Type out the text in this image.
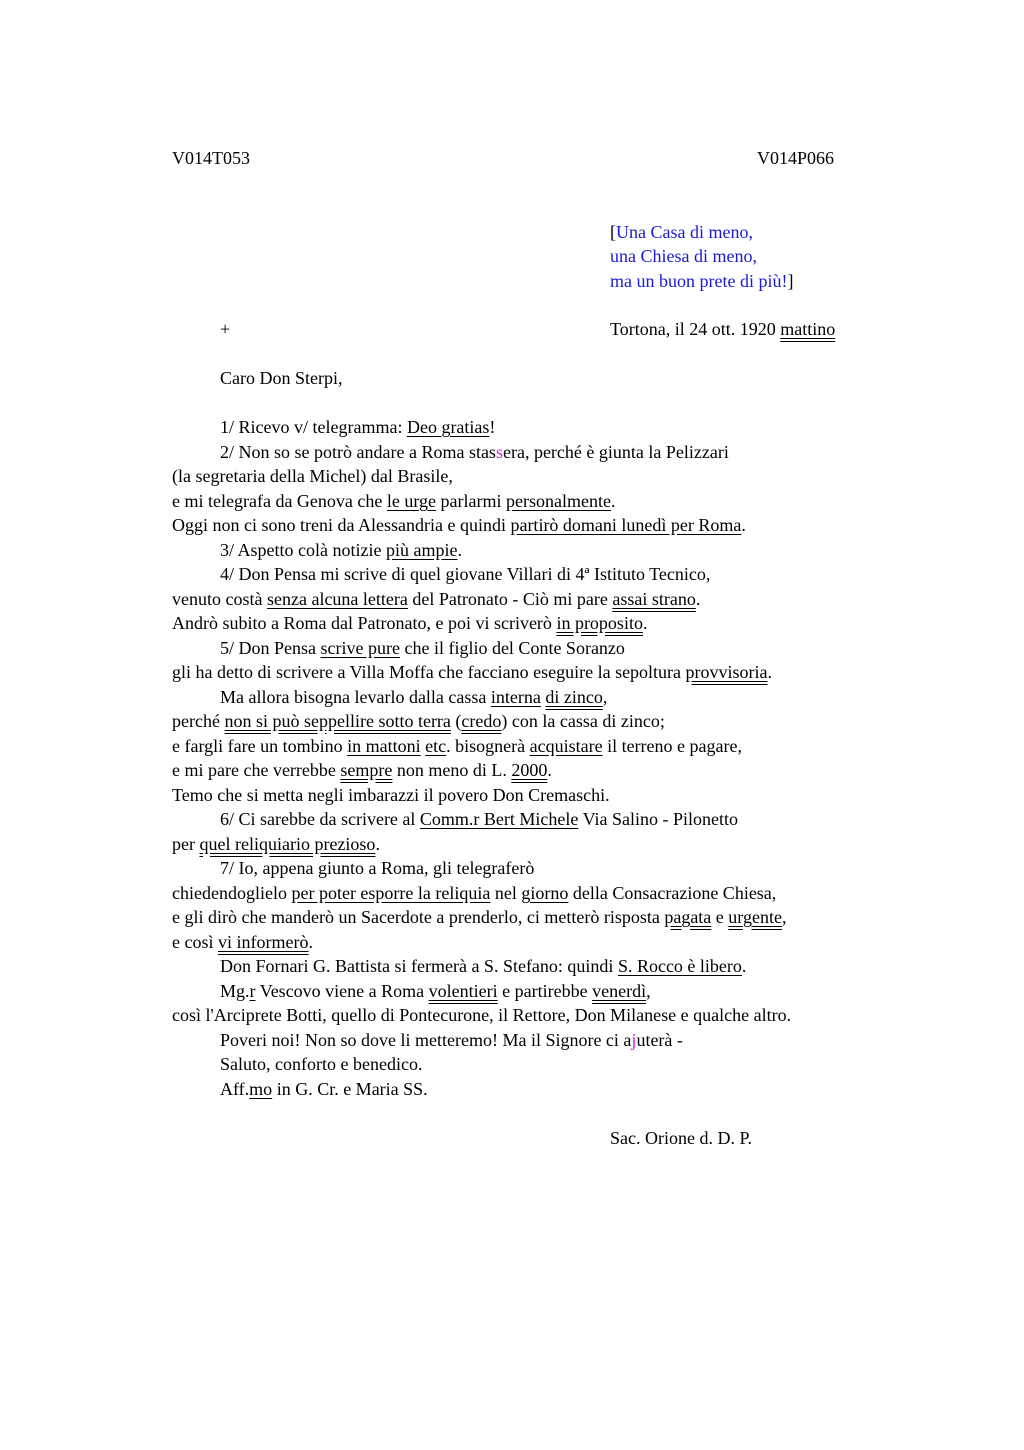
V014T053	V014P066
[Una Casa di meno,
una Chiesa di meno,
ma un buon prete di più!]
+	Tortona, il 24 ott. 1920 mattino
Caro Don Sterpi,
1/ Ricevo v/ telegramma: Deo gratias!
2/ Non so se potrò andare a Roma stassera, perché è giunta la Pelizzari
(la segretaria della Michel) dal Brasile,
e mi telegrafa da Genova che le urge parlarmi personalmente.
Oggi non ci sono treni da Alessandria e quindi partirò domani lunedì per Roma.
3/ Aspetto colà notizie più ampie.
4/ Don Pensa mi scrive di quel giovane Villari di 4ª Istituto Tecnico,
venuto costà senza alcuna lettera del Patronato - Ciò mi pare assai strano.
Andrò subito a Roma dal Patronato, e poi vi scriverò in proposito.
5/ Don Pensa scrive pure che il figlio del Conte Soranzo
gli ha detto di scrivere a Villa Moffa che facciano eseguire la sepoltura provvisoria.
Ma allora bisogna levarlo dalla cassa interna di zinco,
perché non si può seppellire sotto terra (credo) con la cassa di zinco;
e fargli fare un tombino in mattoni etc. bisognerà acquistare il terreno e pagare,
e mi pare che verrebbe sempre non meno di L. 2000.
Temo che si metta negli imbarazzi il povero Don Cremaschi.
6/ Ci sarebbe da scrivere al Comm.r Bert Michele Via Salino - Pilonetto
per quel reliquiario prezioso.
7/ Io, appena giunto a Roma, gli telegraferò
chiedendoglielo per poter esporre la reliquia nel giorno della Consacrazione Chiesa,
e gli dirò che manderò un Sacerdote a prenderlo, ci metterò risposta pagata e urgente,
e così vi informerò.
Don Fornari G. Battista si fermerà a S. Stefano: quindi S. Rocco è libero.
Mg.r Vescovo viene a Roma volentieri e partirebbe venerdì,
così l'Arciprete Botti, quello di Pontecurone, il Rettore, Don Milanese e qualche altro.
Poveri noi! Non so dove li metteremo! Ma il Signore ci ajuterà -
Saluto, conforto e benedico.
Aff.mo in G. Cr. e Maria SS.
Sac. Orione d. D. P.
